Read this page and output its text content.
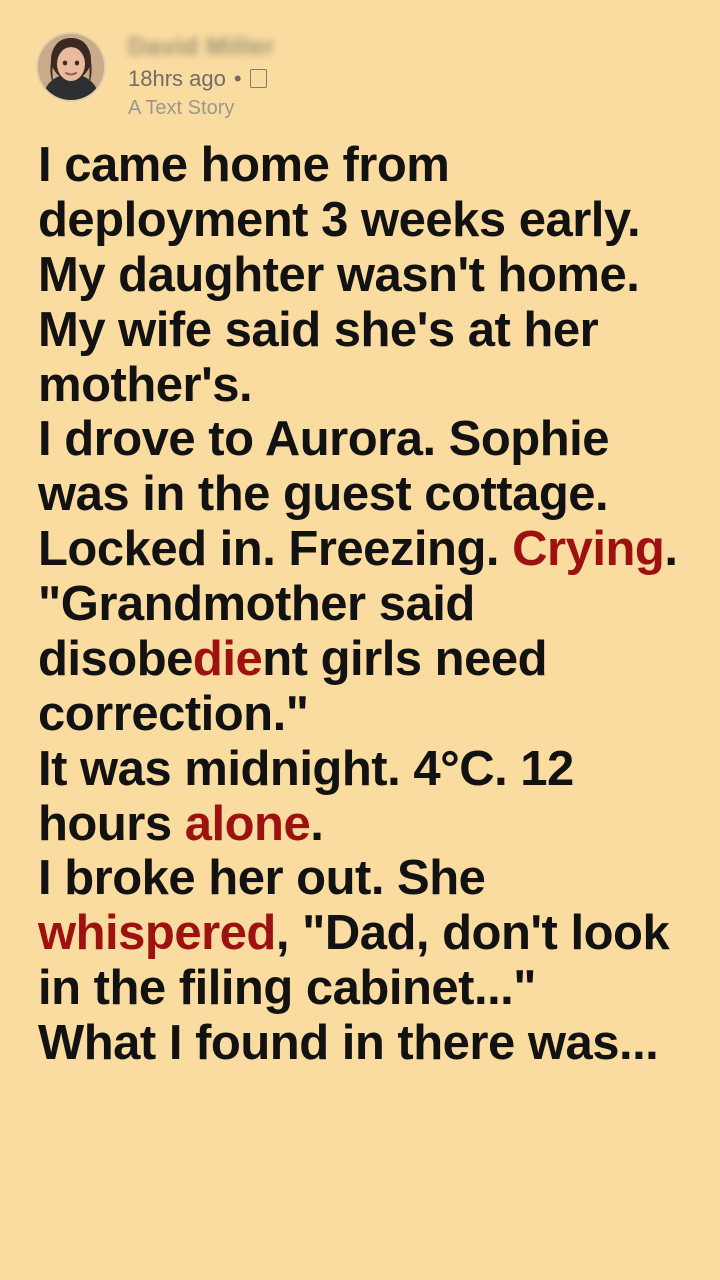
David Miller
18hrs ago •
A Text Story
I came home from deployment 3 weeks early.
My daughter wasn't home.
My wife said she's at her mother's.
I drove to Aurora. Sophie was in the guest cottage. Locked in. Freezing. Crying.
"Grandmother said disobedient girls need correction."
It was midnight. 4°C. 12 hours alone.
I broke her out. She whispered, "Dad, don't look in the filing cabinet..."
What I found in there was...
